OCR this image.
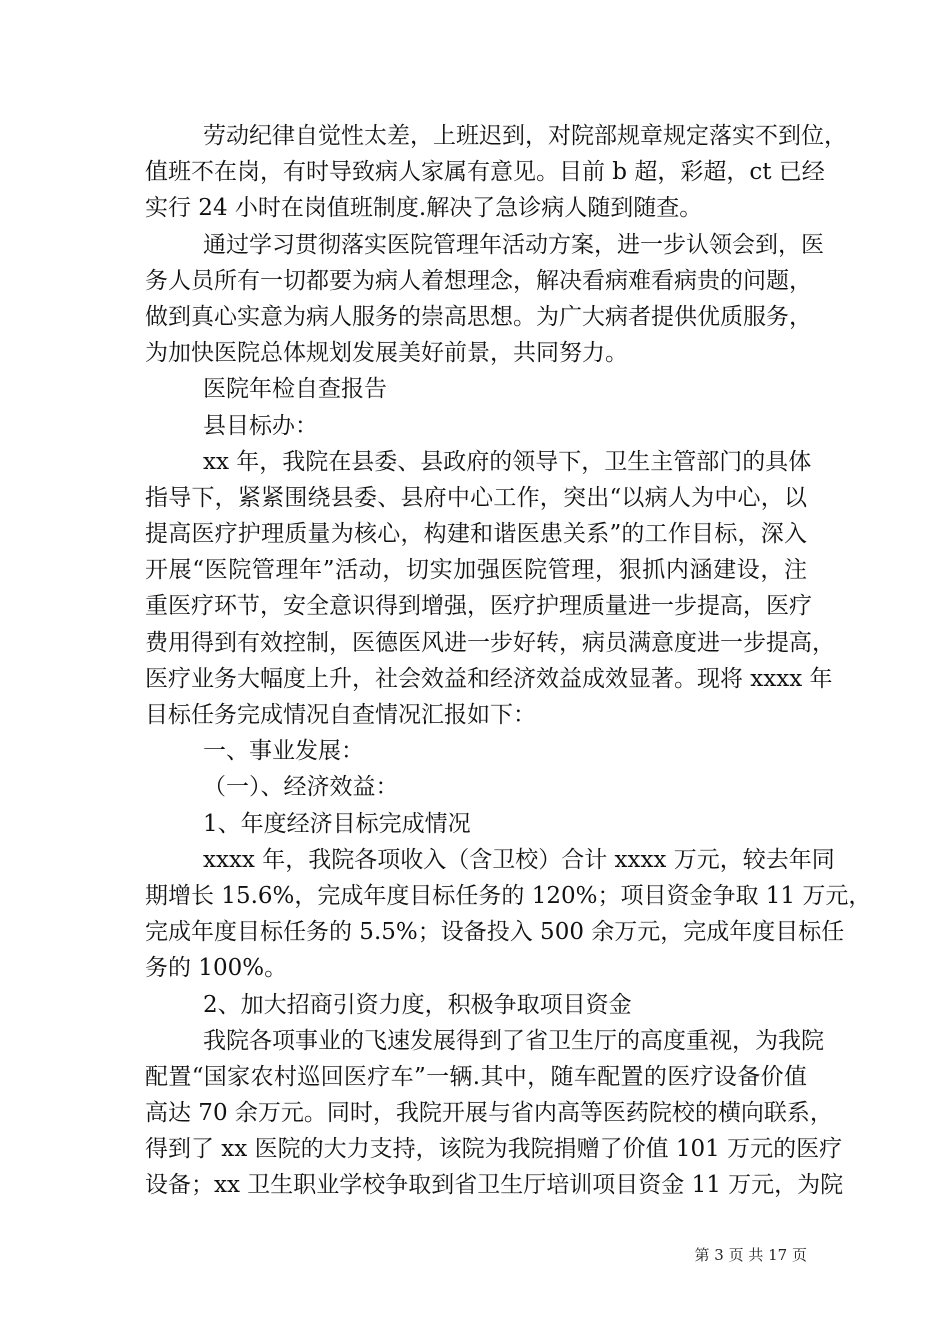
劳动纪律自觉性太差，上班迟到，对院部规章规定落实不到位，
值班不在岗，有时导致病人家属有意见。目前 b 超，彩超，ct 已经
实行 24 小时在岗值班制度.解决了急诊病人随到随查。
通过学习贯彻落实医院管理年活动方案，进一步认领会到，医
务人员所有一切都要为病人着想理念，解决看病难看病贵的问题，
做到真心实意为病人服务的崇高思想。为广大病者提供优质服务，
为加快医院总体规划发展美好前景，共同努力。
医院年检自查报告
县目标办：
xx 年，我院在县委、县政府的领导下，卫生主管部门的具体
指导下，紧紧围绕县委、县府中心工作，突出“以病人为中心，以
提高医疗护理质量为核心，构建和谐医患关系”的工作目标，深入
开展“医院管理年”活动，切实加强医院管理，狠抓内涵建设，注
重医疗环节，安全意识得到增强，医疗护理质量进一步提高，医疗
费用得到有效控制，医德医风进一步好转，病员满意度进一步提高，
医疗业务大幅度上升，社会效益和经济效益成效显著。现将 xxxx 年
目标任务完成情况自查情况汇报如下：
一、事业发展：
（一）、经济效益：
1、年度经济目标完成情况
xxxx 年，我院各项收入（含卫校）合计 xxxx 万元，较去年同
期增长 15.6%，完成年度目标任务的 120%；项目资金争取 11 万元，
完成年度目标任务的 5.5%；设备投入 500 余万元，完成年度目标任
务的 100%。
2、加大招商引资力度，积极争取项目资金
我院各项事业的飞速发展得到了省卫生厅的高度重视，为我院
配置“国家农村巡回医疗车”一辆.其中，随车配置的医疗设备价值
高达 70 余万元。同时，我院开展与省内高等医药院校的横向联系，
得到了 xx 医院的大力支持，该院为我院捐赠了价值 101 万元的医疗
设备；xx 卫生职业学校争取到省卫生厅培训项目资金 11 万元，为院
第 3 页 共 17 页
